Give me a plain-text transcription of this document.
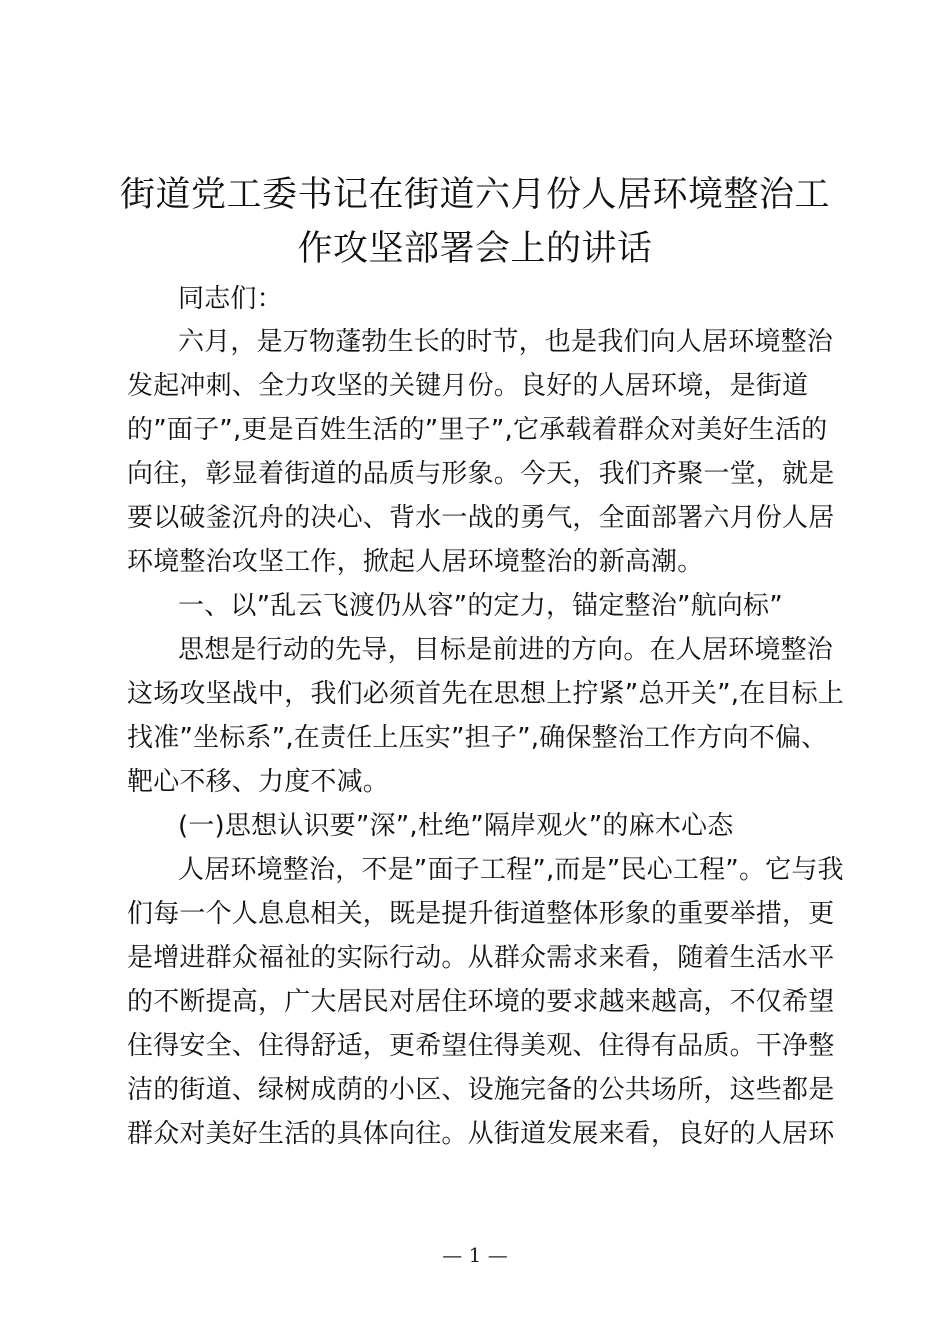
街道党工委书记在街道六月份人居环境整治工
作攻坚部署会上的讲话
同志们：
六月，是万物蓬勃生长的时节，也是我们向人居环境整治
发起冲刺、全力攻坚的关键月份。良好的人居环境，是街道
的”面子”,更是百姓生活的”里子”,它承载着群众对美好生活的
向往，彰显着街道的品质与形象。今天，我们齐聚一堂，就是
要以破釜沉舟的决心、背水一战的勇气，全面部署六月份人居
环境整治攻坚工作，掀起人居环境整治的新高潮。
一、以”乱云飞渡仍从容”的定力，锚定整治”航向标”
思想是行动的先导，目标是前进的方向。在人居环境整治
这场攻坚战中，我们必须首先在思想上拧紧”总开关”,在目标上
找准”坐标系”,在责任上压实”担子”,确保整治工作方向不偏、
靶心不移、力度不减。
(一)思想认识要”深”,杜绝”隔岸观火”的麻木心态
人居环境整治，不是”面子工程”,而是”民心工程”。它与我
们每一个人息息相关，既是提升街道整体形象的重要举措，更
是增进群众福祉的实际行动。从群众需求来看，随着生活水平
的不断提高，广大居民对居住环境的要求越来越高，不仅希望
住得安全、住得舒适，更希望住得美观、住得有品质。干净整
洁的街道、绿树成荫的小区、设施完备的公共场所，这些都是
群众对美好生活的具体向往。从街道发展来看，良好的人居环
— 1 —
